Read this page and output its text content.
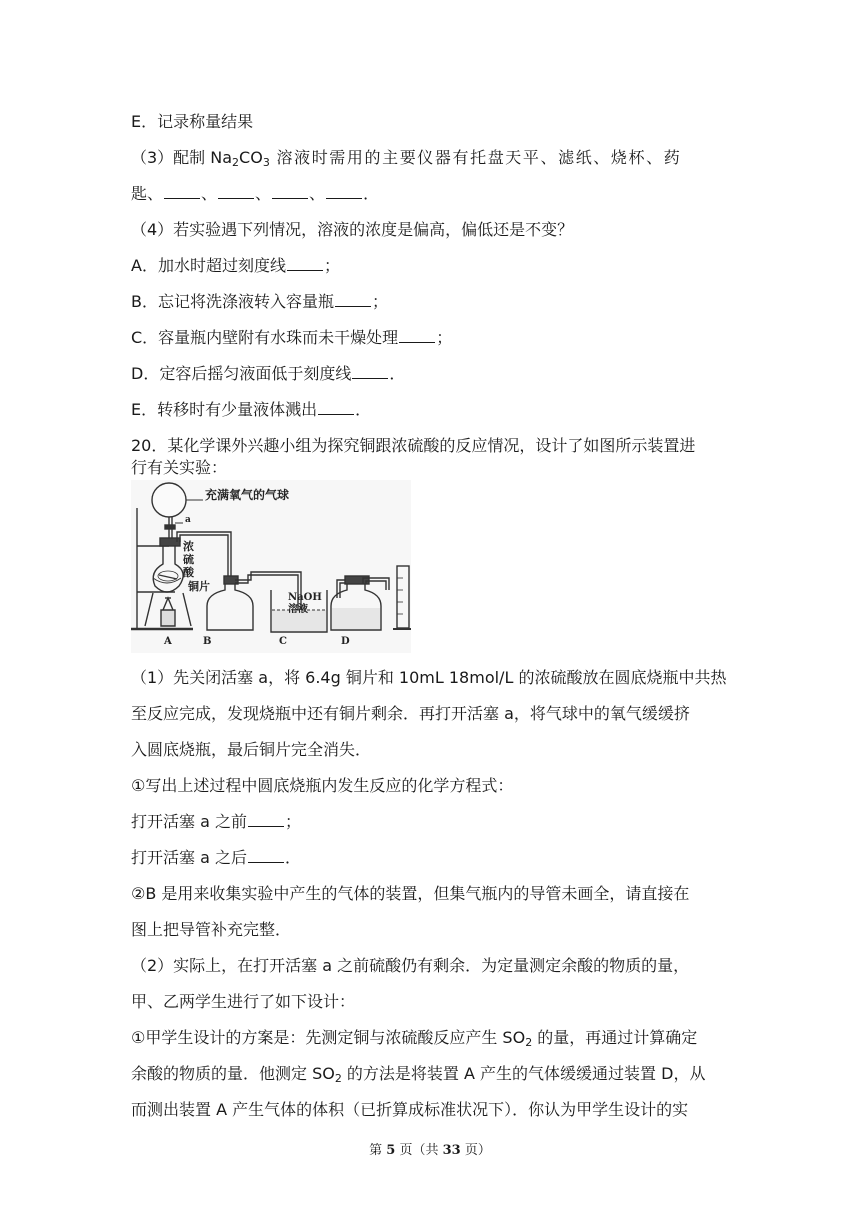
E．记录称量结果
（3）配制 $Na_2CO_3$ 溶液时需用的主要仪器有托盘天平、滤纸、烧杯、药
匙、 、 、 、 ．
（4）若实验遇下列情况，溶液的浓度是偏高，偏低还是不变？
A．加水时超过刻度线 ；
B．忘记将洗涤液转入容量瓶 ；
C．容量瓶内壁附有水珠而未干燥处理 ；
D．定容后摇匀液面低于刻度线 ．
E．转移时有少量液体溅出 ．
20．某化学课外兴趣小组为探究铜跟浓硫酸的反应情况，设计了如图所示装置进
行有关实验：
充满氧气的气球
a
浓
硫
酸
铜片
NaOH
溶液
A	B	C	D
（1）先关闭活塞 a，将 6.4g 铜片和 10mL 18mol/L 的浓硫酸放在圆底烧瓶中共热
至反应完成，发现烧瓶中还有铜片剩余．再打开活塞 a，将气球中的氧气缓缓挤
入圆底烧瓶，最后铜片完全消失．
①写出上述过程中圆底烧瓶内发生反应的化学方程式：
打开活塞 a 之前 ；
打开活塞 a 之后 ．
②B 是用来收集实验中产生的气体的装置，但集气瓶内的导管未画全，请直接在
图上把导管补充完整．
（2）实际上，在打开活塞 a 之前硫酸仍有剩余．为定量测定余酸的物质的量，
甲、乙两学生进行了如下设计：
①甲学生设计的方案是：先测定铜与浓硫酸反应产生 $SO_2$ 的量，再通过计算确定
余酸的物质的量．他测定 $SO_2$ 的方法是将装置 A 产生的气体缓缓通过装置 D，从
而测出装置 A 产生气体的体积（已折算成标准状况下）．你认为甲学生设计的实
第 5 页（共 33 页）
